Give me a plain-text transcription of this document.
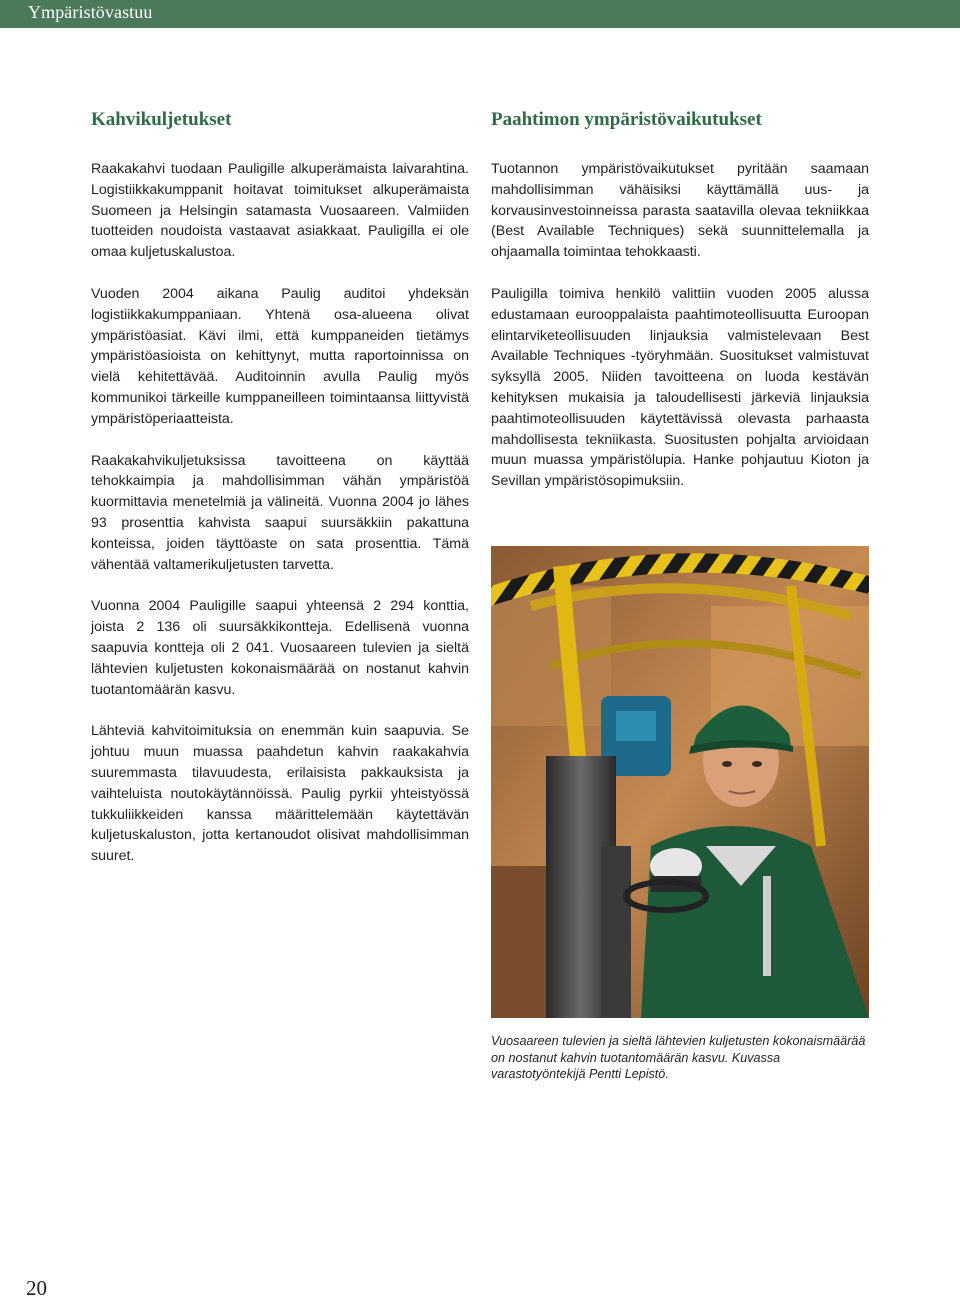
Ympäristövastuu
Kahvikuljetukset

Raakakahvi tuodaan Pauligille alkuperämaista laivarahtina. Logistiikkakumppanit hoitavat toimitukset alkuperämaista Suomeen ja Helsingin satamasta Vuosaareen. Valmiiden tuotteiden noudoista vastaavat asiakkaat. Pauligilla ei ole omaa kuljetuskalustoa.

Vuoden 2004 aikana Paulig auditoi yhdeksän logistiikkakumppaniaan. Yhtenä osa-alueena olivat ympäristöasiat. Kävi ilmi, että kumppaneiden tietämys ympäristöasioista on kehittynyt, mutta raportoinnissa on vielä kehitettävää. Auditoinnin avulla Paulig myös kommunikoi tärkeille kumppaneilleen toimintaansa liittyvistä ympäristöperiaatteista.

Raakakahvikuljetuksissa tavoitteena on käyttää tehokkaimpia ja mahdollisimman vähän ympäristöä kuormittavia menetelmiä ja välineitä. Vuonna 2004 jo lähes 93 prosenttia kahvista saapui suursäkkiin pakattuna konteissa, joiden täyttöaste on sata prosenttia. Tämä vähentää valtamerikuljetusten tarvetta.

Vuonna 2004 Pauligille saapui yhteensä 2 294 konttia, joista 2 136 oli suursäkkikontteja. Edellisenä vuonna saapuvia kontteja oli 2 041. Vuosaareen tulevien ja sieltä lähtevien kuljetusten kokonaismäärää on nostanut kahvin tuotantomäärän kasvu.

Lähteviä kahvitoimituksia on enemmän kuin saapuvia. Se johtuu muun muassa paahdetun kahvin raakakahvia suuremmasta tilavuudesta, erilaisista pakkauksista ja vaihteluista noutokäytännöissä. Paulig pyrkii yhteistyössä tukkuliikkeiden kanssa määrittelemään käytettävän kuljetuskaluston, jotta kertanoudot olisivat mahdollisimman suuret.

Paahtimon ympäristövaikutukset

Tuotannon ympäristövaikutukset pyritään saamaan mahdollisimman vähäisiksi käyttämällä uus- ja korvausinvestoinneissa parasta saatavilla olevaa tekniikkaa (Best Available Techniques) sekä suunnittelemalla ja ohjaamalla toimintaa tehokkaasti.

Pauligilla toimiva henkilö valittiin vuoden 2005 alussa edustamaan eurooppalaista paahtimoteollisuutta Euroopan elintarviketeollisuuden linjauksia valmistelevaan Best Available Techniques -työryhmään. Suositukset valmistuvat syksyllä 2005. Niiden tavoitteena on luoda kestävän kehityksen mukaisia ja taloudellisesti järkeviä linjauksia paahtimoteollisuuden käytettävissä olevasta parhaasta mahdollisesta tekniikasta. Suositusten pohjalta arvioidaan muun muassa ympäristölupia. Hanke pohjautuu Kioton ja Sevillan ympäristösopimuksiin.

Vuosaareen tulevien ja sieltä lähtevien kuljetusten kokonaismäärää on nostanut kahvin tuotantomäärän kasvu. Kuvassa varastotyöntekijä Pentti Lepistö.

20
